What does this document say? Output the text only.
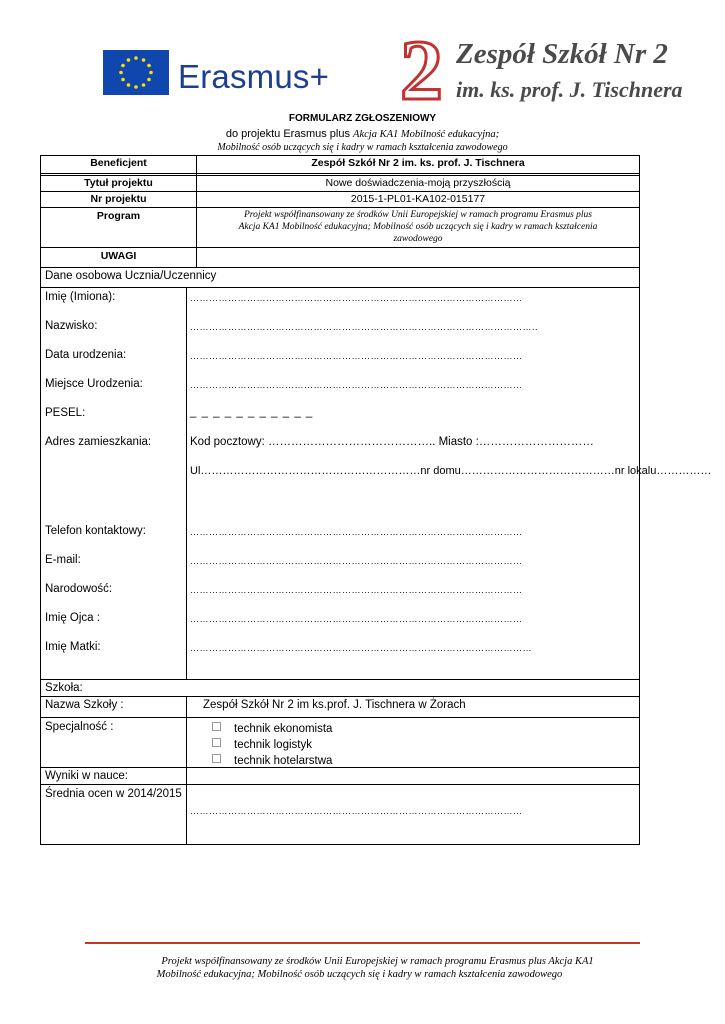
Erasmus+ 2 Zespół Szkół Nr 2
im. ks. prof. J. Tischnera
FORMULARZ ZGŁOSZENIOWY
do projektu Erasmus plus Akcja KA1 Mobilność edukacyjna;
Mobilność osób uczących się i kadry w ramach kształcenia zawodowego
Beneficjent	Zespół Szkół Nr 2 im. ks. prof. J. Tischnera
Tytuł projektu	Nowe doświadczenia-moją przyszłością
Nr projektu	2015-1-PL01-KA102-015177
Program	Projekt współfinansowany ze środków Unii Europejskiej w ramach programu Erasmus plus
Akcja KA1 Mobilność edukacyjna; Mobilność osób uczących się i kadry w ramach kształcenia
zawodowego
UWAGI
Dane osobowa Ucznia/Uczennicy
Imię (Imiona):	……………………………………………………………………………………………
Nazwisko:	………………………………………………………………………………………………..
Data urodzenia:	……………………………………………………………………………………………
Miejsce Urodzenia:	……………………………………………………………………………………………
PESEL:	_ _ _ _ _ _ _ _ _ _ _
Adres zamieszkania:	Kod pocztowy: …………………………………….. Miasto :…………………………
Ul……………………………………………………nr domu……………………………………nr lokalu……………
Telefon kontaktowy:	……………………………………………………………………………………………
E-mail:	……………………………………………………………………………………………
Narodowość:	……………………………………………………………………………………………
Imię Ojca :	……………………………………………………………………………………………
Imię Matki:	………………………………………………………………………………………………
Szkoła:
Nazwa Szkoły :	Zespół Szkół Nr 2 im ks.prof. J. Tischnera w Żorach
Specjalność :	technik ekonomista
technik logistyk
technik hotelarstwa
Wyniki w nauce:
Średnia ocen w 2014/2015
……………………………………………………………………………………………
Projekt współfinansowany ze środków Unii Europejskiej w ramach programu Erasmus plus Akcja KA1
Mobilność edukacyjna; Mobilność osób uczących się i kadry w ramach kształcenia zawodowego
